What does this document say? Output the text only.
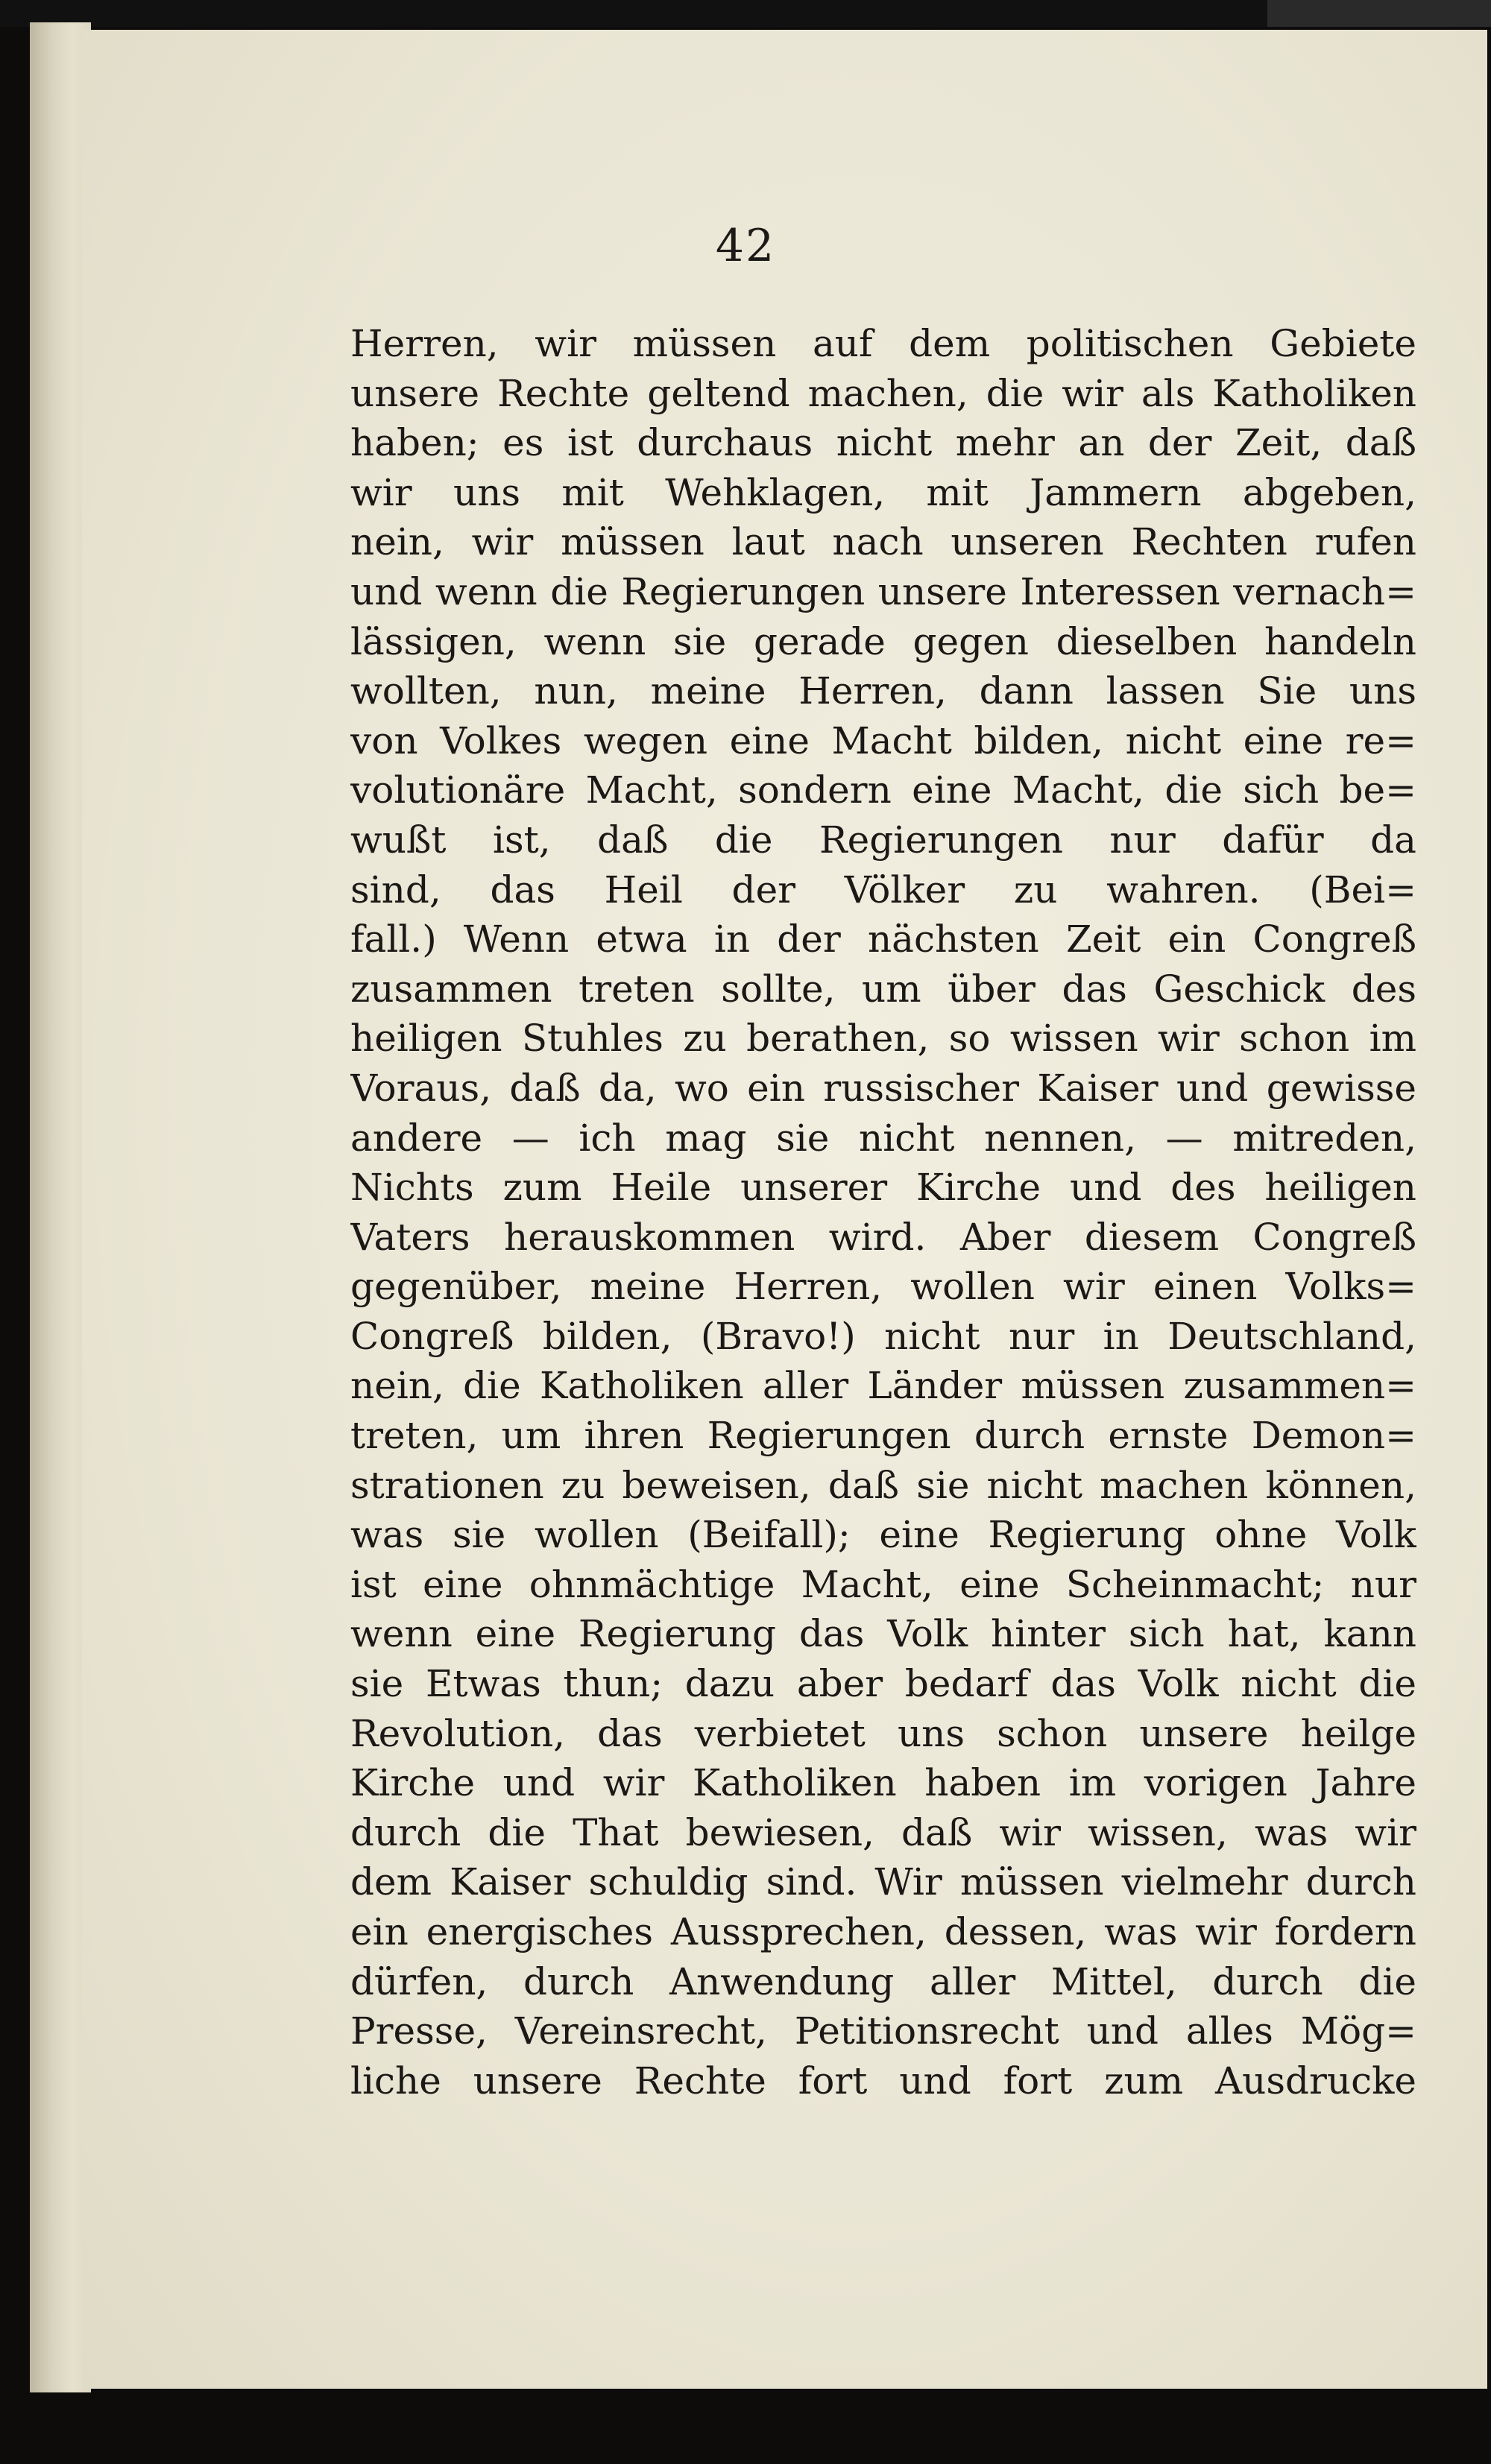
42
Herren, wir müssen auf dem politischen Gebiete
unsere Rechte geltend machen, die wir als Katholiken
haben; es ist durchaus nicht mehr an der Zeit, daß
wir uns mit Wehklagen, mit Jammern abgeben,
nein, wir müssen laut nach unseren Rechten rufen
und wenn die Regierungen unsere Interessen vernach=
lässigen, wenn sie gerade gegen dieselben handeln
wollten, nun, meine Herren, dann lassen Sie uns
von Volkes wegen eine Macht bilden, nicht eine re=
volutionäre Macht, sondern eine Macht, die sich be=
wußt ist, daß die Regierungen nur dafür da
sind, das Heil der Völker zu wahren. (Bei=
fall.) Wenn etwa in der nächsten Zeit ein Congreß
zusammen treten sollte, um über das Geschick des
heiligen Stuhles zu berathen, so wissen wir schon im
Voraus, daß da, wo ein russischer Kaiser und gewisse
andere — ich mag sie nicht nennen, — mitreden,
Nichts zum Heile unserer Kirche und des heiligen
Vaters herauskommen wird. Aber diesem Congreß
gegenüber, meine Herren, wollen wir einen Volks=
Congreß bilden, (Bravo!) nicht nur in Deutschland,
nein, die Katholiken aller Länder müssen zusammen=
treten, um ihren Regierungen durch ernste Demon=
strationen zu beweisen, daß sie nicht machen können,
was sie wollen (Beifall); eine Regierung ohne Volk
ist eine ohnmächtige Macht, eine Scheinmacht; nur
wenn eine Regierung das Volk hinter sich hat, kann
sie Etwas thun; dazu aber bedarf das Volk nicht die
Revolution, das verbietet uns schon unsere heilge
Kirche und wir Katholiken haben im vorigen Jahre
durch die That bewiesen, daß wir wissen, was wir
dem Kaiser schuldig sind. Wir müssen vielmehr durch
ein energisches Aussprechen, dessen, was wir fordern
dürfen, durch Anwendung aller Mittel, durch die
Presse, Vereinsrecht, Petitionsrecht und alles Mög=
liche unsere Rechte fort und fort zum Ausdrucke
